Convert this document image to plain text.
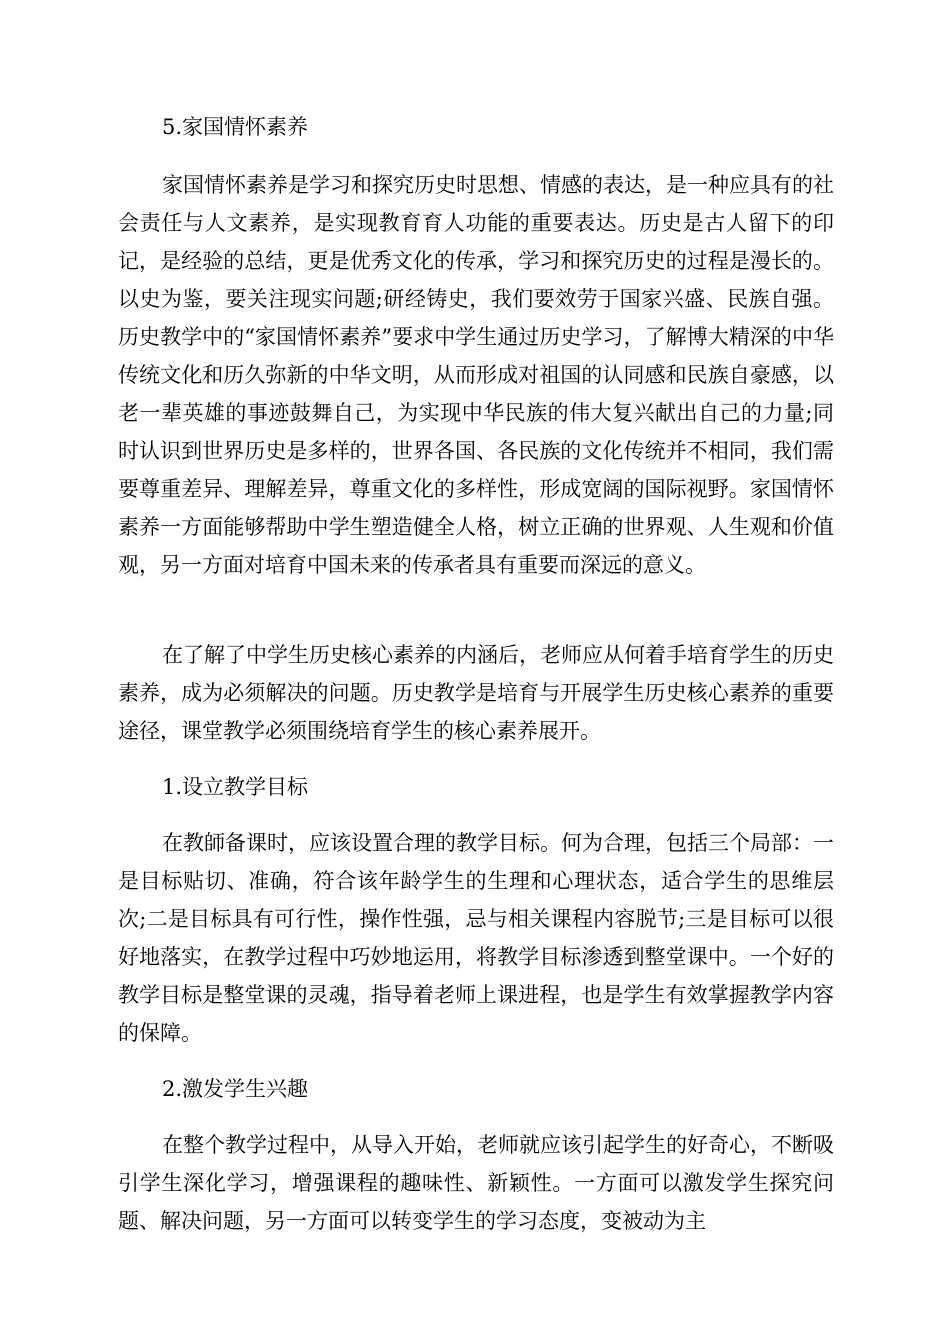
5.家国情怀素养

家国情怀素养是学习和探究历史时思想、情感的表达，是一种应具有的社会责任与人文素养，是实现教育育人功能的重要表达。历史是古人留下的印记，是经验的总结，更是优秀文化的传承，学习和探究历史的过程是漫长的。以史为鉴，要关注现实问题;研经铸史，我们要效劳于国家兴盛、民族自强。历史教学中的“家国情怀素养”要求中学生通过历史学习，了解博大精深的中华传统文化和历久弥新的中华文明，从而形成对祖国的认同感和民族自豪感，以老一辈英雄的事迹鼓舞自己，为实现中华民族的伟大复兴献出自己的力量;同时认识到世界历史是多样的，世界各国、各民族的文化传统并不相同，我们需要尊重差异、理解差异，尊重文化的多样性，形成宽阔的国际视野。家国情怀素养一方面能够帮助中学生塑造健全人格，树立正确的世界观、人生观和价值观，另一方面对培育中国未来的传承者具有重要而深远的意义。

在了解了中学生历史核心素养的内涵后，老师应从何着手培育学生的历史素养，成为必须解决的问题。历史教学是培育与开展学生历史核心素养的重要途径，课堂教学必须围绕培育学生的核心素养展开。

1.设立教学目标

在教師备课时，应该设置合理的教学目标。何为合理，包括三个局部：一是目标贴切、准确，符合该年龄学生的生理和心理状态，适合学生的思维层次;二是目标具有可行性，操作性强，忌与相关课程内容脱节;三是目标可以很好地落实，在教学过程中巧妙地运用，将教学目标渗透到整堂课中。一个好的教学目标是整堂课的灵魂，指导着老师上课进程，也是学生有效掌握教学内容的保障。

2.激发学生兴趣

在整个教学过程中，从导入开始，老师就应该引起学生的好奇心，不断吸引学生深化学习，增强课程的趣味性、新颖性。一方面可以激发学生探究问题、解决问题，另一方面可以转变学生的学习态度，变被动为主
